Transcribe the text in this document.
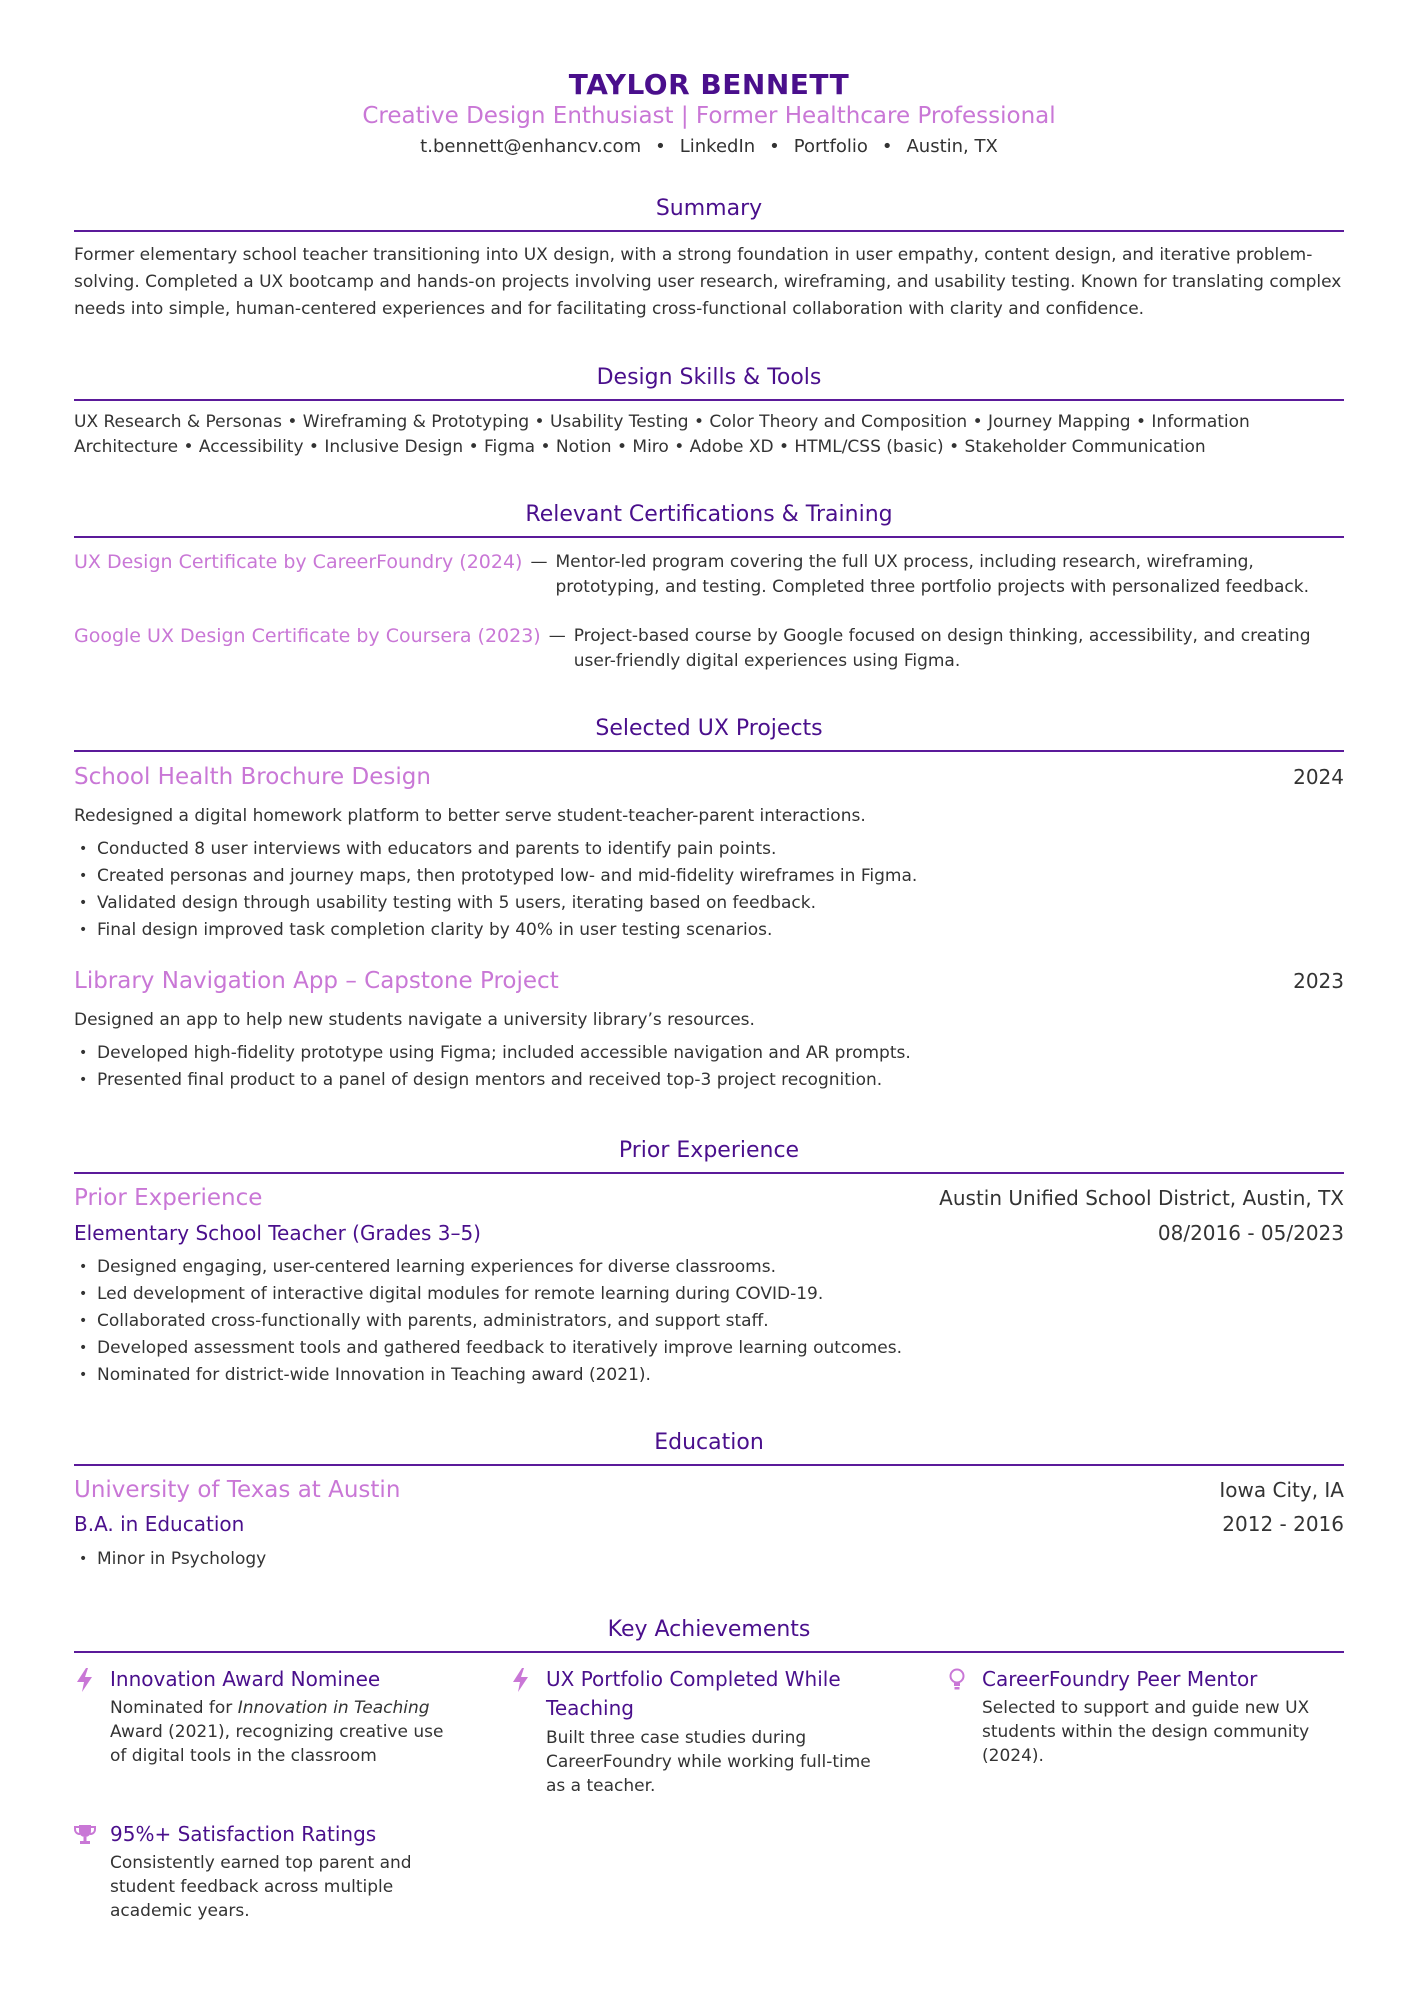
TAYLOR BENNETT
Creative Design Enthusiast | Former Healthcare Professional
t.bennett@enhancv.com • LinkedIn • Portfolio • Austin, TX
Summary
Former elementary school teacher transitioning into UX design, with a strong foundation in user empathy, content design, and iterative problem-solving. Completed a UX bootcamp and hands-on projects involving user research, wireframing, and usability testing. Known for translating complex needs into simple, human-centered experiences and for facilitating cross-functional collaboration with clarity and confidence.
Design Skills & Tools
UX Research & Personas • Wireframing & Prototyping • Usability Testing • Color Theory and Composition • Journey Mapping • Information Architecture • Accessibility • Inclusive Design • Figma • Notion • Miro • Adobe XD • HTML/CSS (basic) • Stakeholder Communication
Relevant Certifications & Training
UX Design Certificate by CareerFoundry (2024) — Mentor-led program covering the full UX process, including research, wireframing, prototyping, and testing. Completed three portfolio projects with personalized feedback.
Google UX Design Certificate by Coursera (2023) — Project-based course by Google focused on design thinking, accessibility, and creating user-friendly digital experiences using Figma.
Selected UX Projects
School Health Brochure Design	2024
Redesigned a digital homework platform to better serve student-teacher-parent interactions.
• Conducted 8 user interviews with educators and parents to identify pain points.
• Created personas and journey maps, then prototyped low- and mid-fidelity wireframes in Figma.
• Validated design through usability testing with 5 users, iterating based on feedback.
• Final design improved task completion clarity by 40% in user testing scenarios.
Library Navigation App – Capstone Project	2023
Designed an app to help new students navigate a university library’s resources.
• Developed high-fidelity prototype using Figma; included accessible navigation and AR prompts.
• Presented final product to a panel of design mentors and received top-3 project recognition.
Prior Experience
Prior Experience	Austin Unified School District, Austin, TX
Elementary School Teacher (Grades 3–5)	08/2016 - 05/2023
• Designed engaging, user-centered learning experiences for diverse classrooms.
• Led development of interactive digital modules for remote learning during COVID-19.
• Collaborated cross-functionally with parents, administrators, and support staff.
• Developed assessment tools and gathered feedback to iteratively improve learning outcomes.
• Nominated for district-wide Innovation in Teaching award (2021).
Education
University of Texas at Austin	Iowa City, IA
B.A. in Education	2012 - 2016
• Minor in Psychology
Key Achievements
Innovation Award Nominee
Nominated for Innovation in Teaching Award (2021), recognizing creative use of digital tools in the classroom
UX Portfolio Completed While Teaching
Built three case studies during CareerFoundry while working full-time as a teacher.
CareerFoundry Peer Mentor
Selected to support and guide new UX students within the design community (2024).
95%+ Satisfaction Ratings
Consistently earned top parent and student feedback across multiple academic years.
